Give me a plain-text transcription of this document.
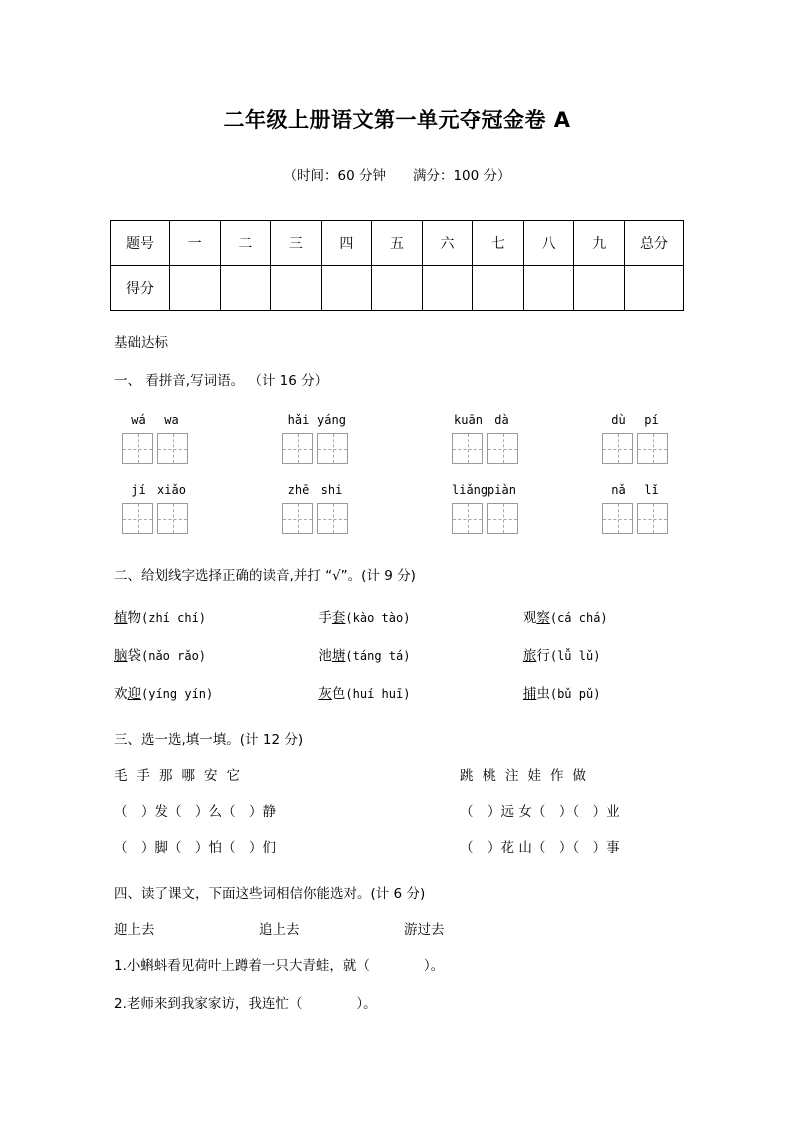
二年级上册语文第一单元夺冠金卷 A

（时间：60 分钟　　满分：100 分）

题号	一	二	三	四	五	六	七	八	九	总分
得分										

基础达标

一、 看拼音,写词语。 （计 16 分）

wá wa	hǎi yáng	kuān dà	dù pí
jí xiǎo	zhē shi	liǎngpiàn	nǎ lǐ

二、给划线字选择正确的读音,并打 “√”。(计 9 分)

植物(zhí chí)	手套(kào tào)	观察(cá chá)
脑袋(nǎo rǎo)	池塘(táng tá)	旅行(lǚ lǔ)
欢迎(yíng yín)	灰色(huí huī)	捕虫(bǔ pǔ)

三、选一选,填一填。(计 12 分)

毛 手 那 哪 安 它	跳 桃 注 娃 作 做
（　）发（　）么（　）静	（　）远 女（　）（　）业
（　）脚（　）怕（　）们	（　）花 山（　）（　）事

四、读了课文，下面这些词相信你能选对。(计 6 分)

迎上去	追上去	游过去
1.小蝌蚪看见荷叶上蹲着一只大青蛙，就（　　　　）。
2.老师来到我家家访，我连忙（　　　　）。
